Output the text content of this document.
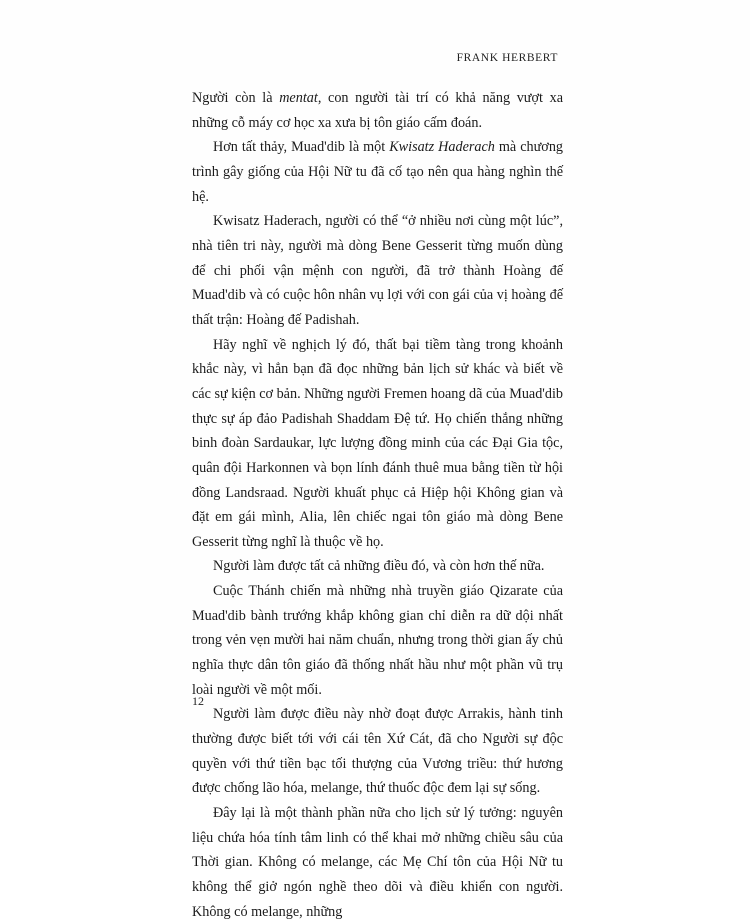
FRANK HERBERT

Người còn là mentat, con người tài trí có khả năng vượt xa những cỗ máy cơ học xa xưa bị tôn giáo cấm đoán.

Hơn tất thảy, Muad'dib là một Kwisatz Haderach mà chương trình gây giống của Hội Nữ tu đã cố tạo nên qua hàng nghìn thế hệ.

Kwisatz Haderach, người có thể “ở nhiều nơi cùng một lúc”, nhà tiên tri này, người mà dòng Bene Gesserit từng muốn dùng để chi phối vận mệnh con người, đã trở thành Hoàng đế Muad'dib và có cuộc hôn nhân vụ lợi với con gái của vị hoàng đế thất trận: Hoàng đế Padishah.

Hãy nghĩ về nghịch lý đó, thất bại tiềm tàng trong khoảnh khắc này, vì hẳn bạn đã đọc những bản lịch sử khác và biết về các sự kiện cơ bản. Những người Fremen hoang dã của Muad'dib thực sự áp đảo Padishah Shaddam Đệ tứ. Họ chiến thắng những binh đoàn Sardaukar, lực lượng đồng minh của các Đại Gia tộc, quân đội Harkonnen và bọn lính đánh thuê mua bằng tiền từ hội đồng Landsraad. Người khuất phục cả Hiệp hội Không gian và đặt em gái mình, Alia, lên chiếc ngai tôn giáo mà dòng Bene Gesserit từng nghĩ là thuộc về họ.

Người làm được tất cả những điều đó, và còn hơn thế nữa.

Cuộc Thánh chiến mà những nhà truyền giáo Qizarate của Muad'dib bành trướng khắp không gian chỉ diễn ra dữ dội nhất trong vẻn vẹn mười hai năm chuẩn, nhưng trong thời gian ấy chủ nghĩa thực dân tôn giáo đã thống nhất hầu như một phần vũ trụ loài người về một mối.

Người làm được điều này nhờ đoạt được Arrakis, hành tinh thường được biết tới với cái tên Xứ Cát, đã cho Người sự độc quyền với thứ tiền bạc tối thượng của Vương triều: thứ hương được chống lão hóa, melange, thứ thuốc độc đem lại sự sống.

Đây lại là một thành phần nữa cho lịch sử lý tưởng: nguyên liệu chứa hóa tính tâm linh có thể khai mở những chiều sâu của Thời gian. Không có melange, các Mẹ Chí tôn của Hội Nữ tu không thể giở ngón nghề theo dõi và điều khiển con người. Không có melange, những

12
